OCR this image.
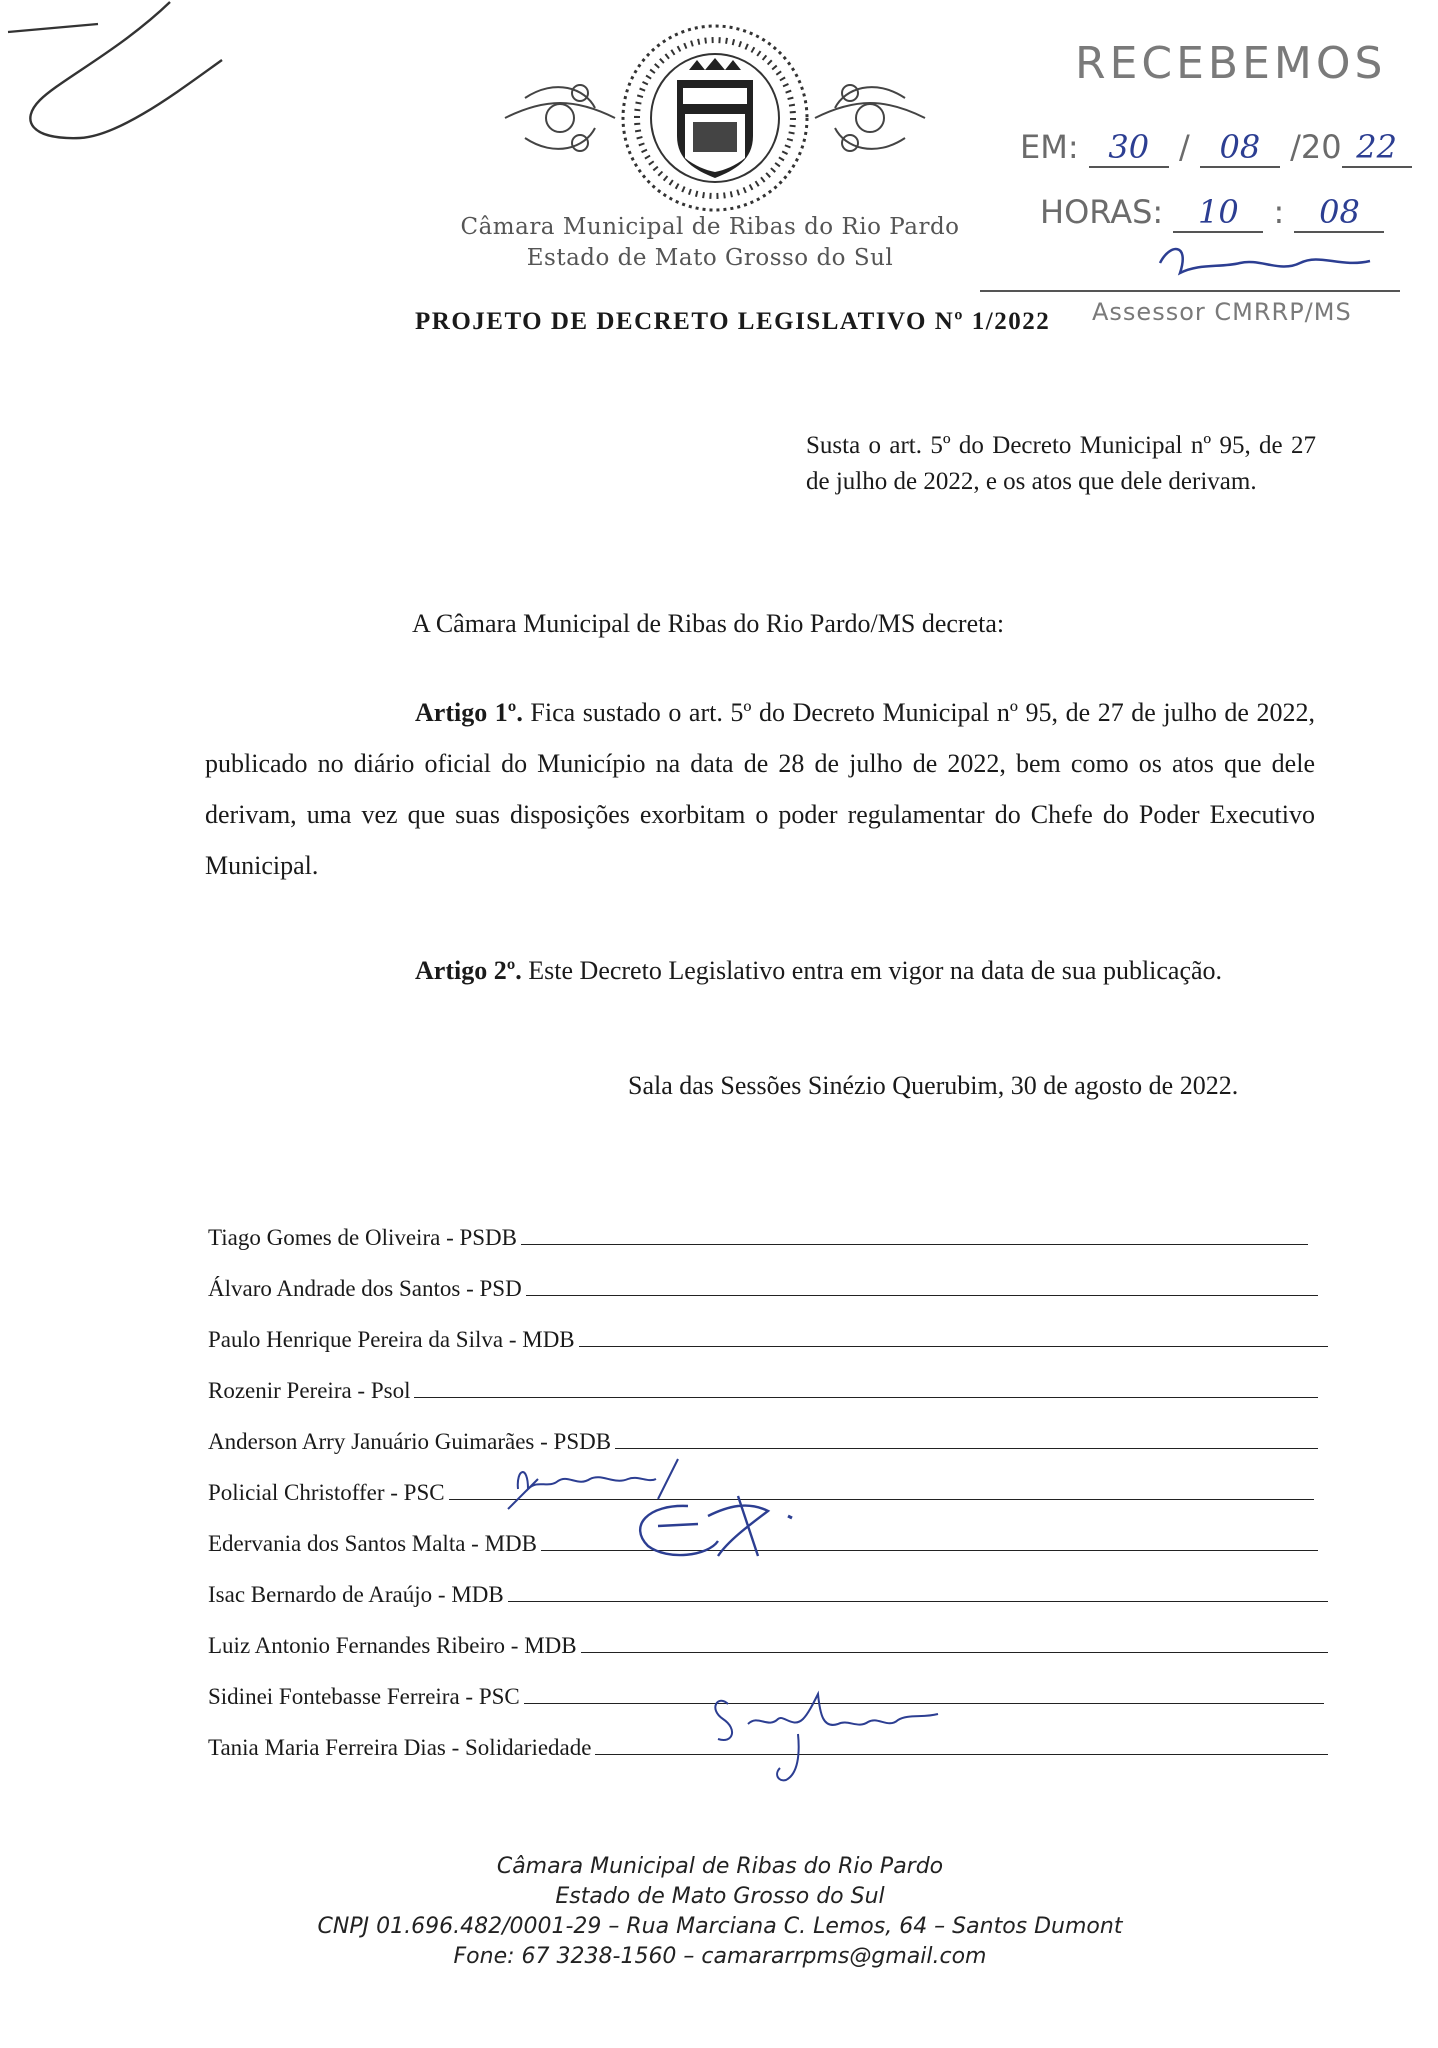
Câmara Municipal de Ribas do Rio Pardo
Estado de Mato Grosso do Sul
RECEBEMOS
EM: 30 / 08 /20 22
HORAS: 10 : 08
Assessor CMRRP/MS
PROJETO DE DECRETO LEGISLATIVO Nº 1/2022
Susta o art. 5º do Decreto Municipal nº 95, de 27 de julho de 2022, e os atos que dele derivam.
A Câmara Municipal de Ribas do Rio Pardo/MS decreta:
Artigo 1º. Fica sustado o art. 5º do Decreto Municipal nº 95, de 27 de julho de 2022, publicado no diário oficial do Município na data de 28 de julho de 2022, bem como os atos que dele derivam, uma vez que suas disposições exorbitam o poder regulamentar do Chefe do Poder Executivo Municipal.
Artigo 2º. Este Decreto Legislativo entra em vigor na data de sua publicação.
Sala das Sessões Sinézio Querubim, 30 de agosto de 2022.
Tiago Gomes de Oliveira - PSDB
Álvaro Andrade dos Santos - PSD
Paulo Henrique Pereira da Silva - MDB
Rozenir Pereira - Psol
Anderson Arry Januário Guimarães - PSDB
Policial Christoffer - PSC
Edervania dos Santos Malta - MDB
Isac Bernardo de Araújo - MDB
Luiz Antonio Fernandes Ribeiro - MDB
Sidinei Fontebasse Ferreira - PSC
Tania Maria Ferreira Dias - Solidariedade
Câmara Municipal de Ribas do Rio Pardo
Estado de Mato Grosso do Sul
CNPJ 01.696.482/0001-29 – Rua Marciana C. Lemos, 64 – Santos Dumont
Fone: 67 3238-1560 – camararrpms@gmail.com
